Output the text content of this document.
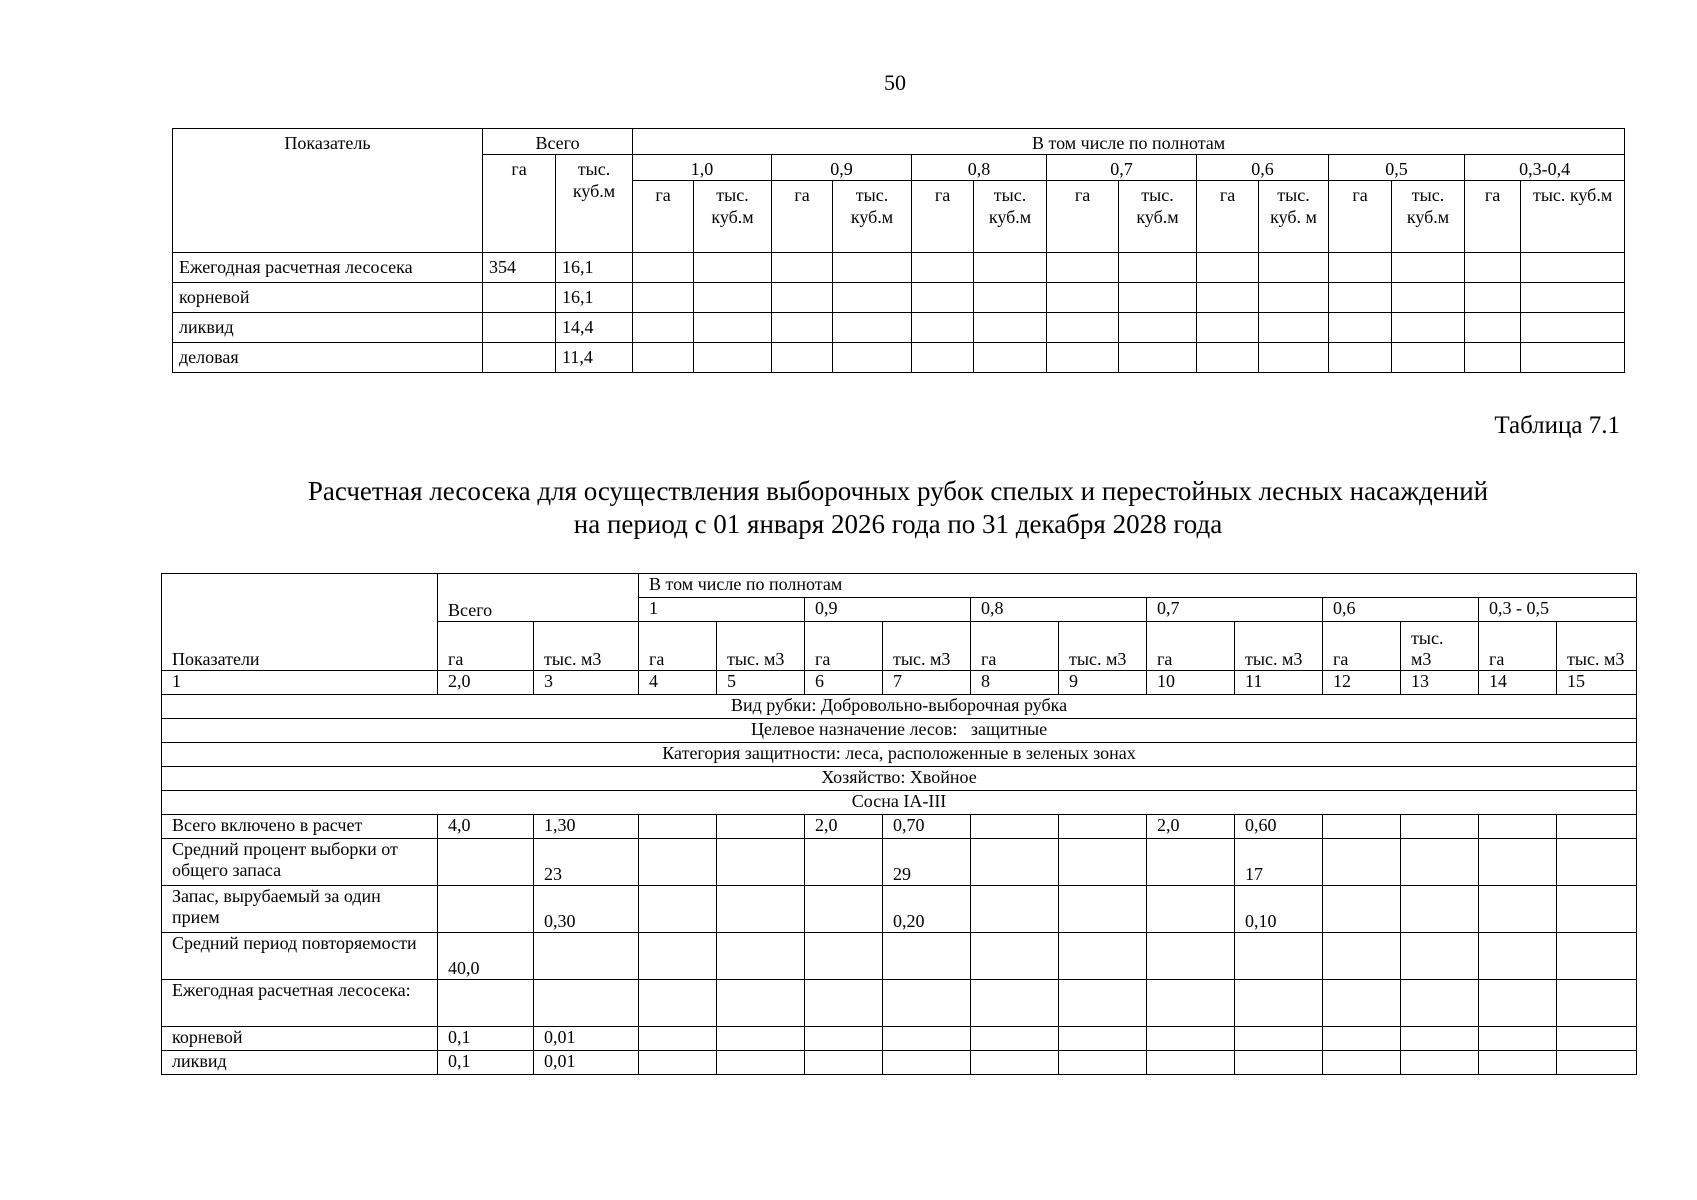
50
Показатель	Всего		В том числе по полнотам													
	га	тыс. куб.м	1,0		0,9		0,8		0,7		0,6		0,5		0,3-0,4	
			га	тыс. куб.м	га	тыс. куб.м	га	тыс. куб.м	га	тыс. куб.м	га	тыс. куб. м	га	тыс. куб.м	га	тыс. куб.м
Ежегодная расчетная лесосека	354	16,1														
корневой		16,1														
ликвид		14,4														
деловая		11,4														
Таблица 7.1
Расчетная лесосека для осуществления выборочных рубок спелых и перестойных лесных насаждений
на период с 01 января 2026 года по 31 декабря 2028 года
Показатели	Всего		В том числе по полнотам											
			1		0,9		0,8		0,7		0,6		0,3 - 0,5	
	га	тыс. м3	га	тыс. м3	га	тыс. м3	га	тыс. м3	га	тыс. м3	га	тыс. м3	га	тыс. м3
1	2,0	3	4	5	6	7	8	9	10	11	12	13	14	15
Вид рубки: Добровольно-выборочная рубка														
Целевое назначение лесов:   защитные														
Категория защитности: леса, расположенные в зеленых зонах														
Хозяйство: Хвойное														
Сосна IA-III														
Всего включено в расчет	4,0	1,30			2,0	0,70			2,0	0,60				
Средний процент выборки от общего запаса		23				29				17				
Запас, вырубаемый за один прием		0,30				0,20				0,10				
Средний период повторяемости	40,0													
Ежегодная расчетная лесосека:														
корневой	0,1	0,01												
ликвид	0,1	0,01												
